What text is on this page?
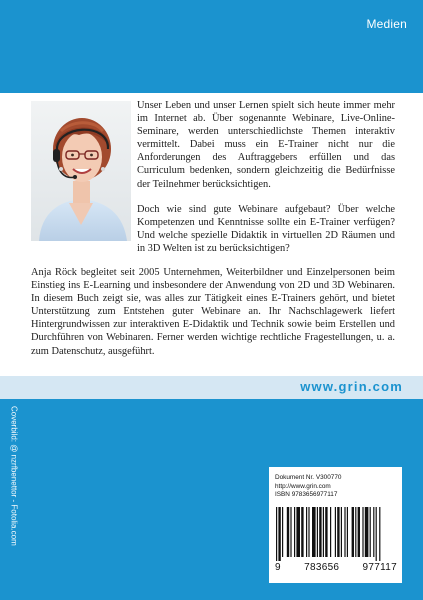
Medien

Unser Leben und unser Lernen spielt sich heute immer mehr im Internet ab. Über sogenannte Webinare, Live-Online-Seminare, werden unterschiedlichste Themen interaktiv vermittelt. Dabei muss ein E-Trainer nicht nur die Anforderungen des Auftraggebers erfüllen und das Curriculum bedenken, sondern gleichzeitig die Bedürfnisse der Teilnehmer berücksichtigen.

Doch wie sind gute Webinare aufgebaut? Über welche Kompetenzen und Kenntnisse sollte ein E-Trainer verfügen? Und welche spezielle Didaktik in virtuellen 2D Räumen und in 3D Welten ist zu berücksichtigen?

Anja Röck begleitet seit 2005 Unternehmen, Weiterbildner und Einzelpersonen beim Einstieg ins E-Learning und insbesondere der Anwendung von 2D und 3D Webinaren. In diesem Buch zeigt sie, was alles zur Tätigkeit eines E-Trainers gehört, und bietet Unterstützung zum Entstehen guter Webinare an. Ihr Nachschlagewerk liefert Hintergrundwissen zur interaktiven E-Didaktik und Technik sowie beim Erstellen und Durchführen von Webinaren. Ferner werden wichtige rechtliche Fragestellungen, u. a. zum Datenschutz, ausgeführt.

www.grin.com
Coverbild: @ nzrfbenettor - Fotolia.com	Dokument Nr. V300770
http://www.grin.com
ISBN 9783656977117
9 783656 977117
